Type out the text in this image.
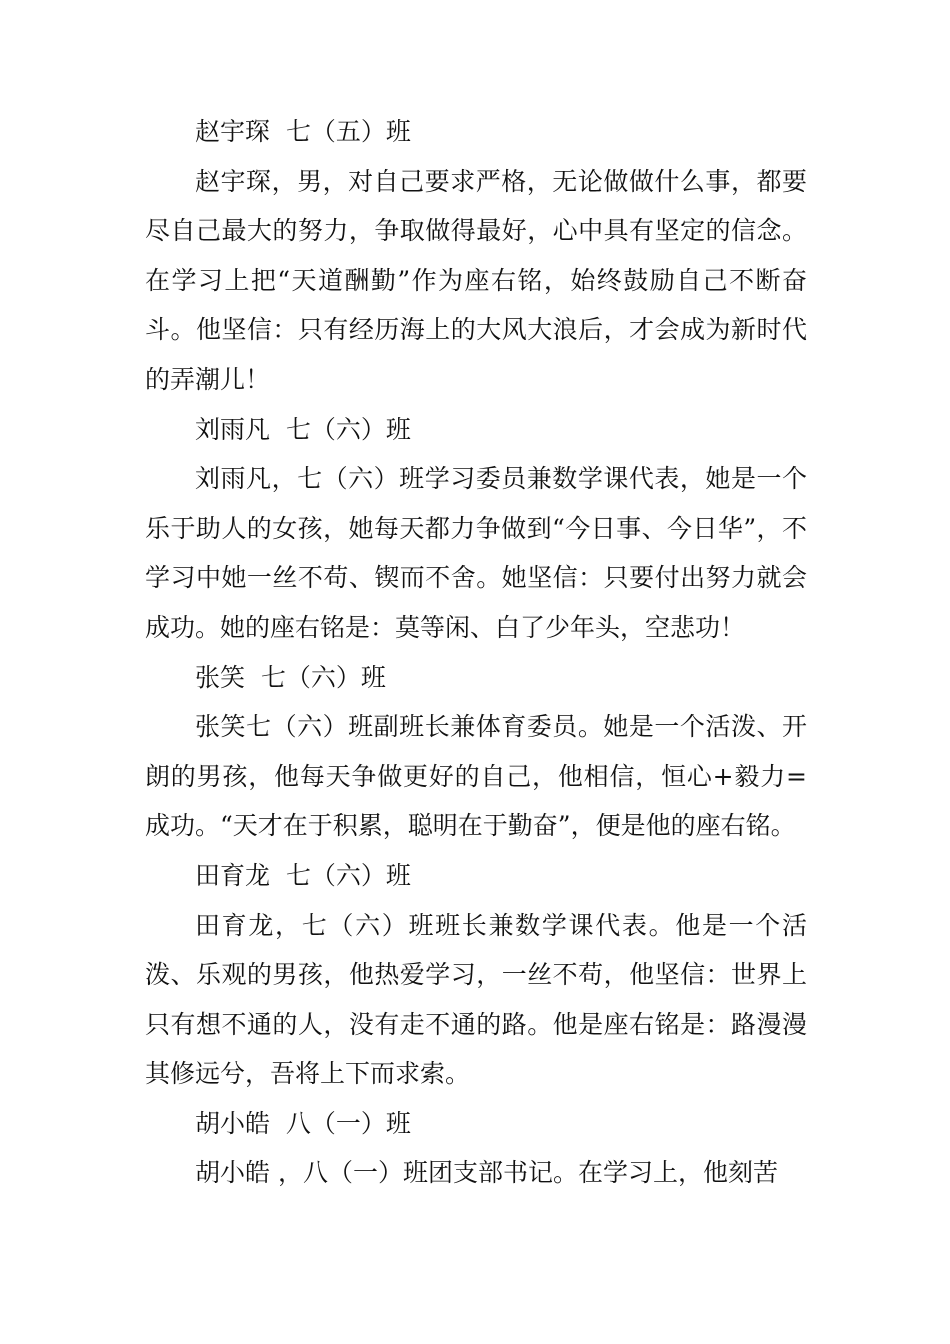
赵宇琛  七（五）班

赵宇琛，男，对自己要求严格，无论做做什么事，都要尽自己最大的努力，争取做得最好，心中具有坚定的信念。在学习上把“天道酬勤”作为座右铭，始终鼓励自己不断奋斗。他坚信：只有经历海上的大风大浪后，才会成为新时代的弄潮儿！

刘雨凡  七（六）班

刘雨凡，七（六）班学习委员兼数学课代表，她是一个乐于助人的女孩，她每天都力争做到“今日事、今日华”，不学习中她一丝不苟、锲而不舍。她坚信：只要付出努力就会成功。她的座右铭是：莫等闲、白了少年头，空悲功！

张笑  七（六）班

张笑七（六）班副班长兼体育委员。她是一个活泼、开朗的男孩，他每天争做更好的自己，他相信，恒心+毅力=成功。“天才在于积累，聪明在于勤奋”，便是他的座右铭。

田育龙  七（六）班

田育龙，七（六）班班长兼数学课代表。他是一个活泼、乐观的男孩，他热爱学习，一丝不苟，他坚信：世界上只有想不通的人，没有走不通的路。他是座右铭是：路漫漫其修远兮，吾将上下而求索。

胡小皓  八（一）班

胡小皓 ，八（一）班团支部书记。在学习上，他刻苦
